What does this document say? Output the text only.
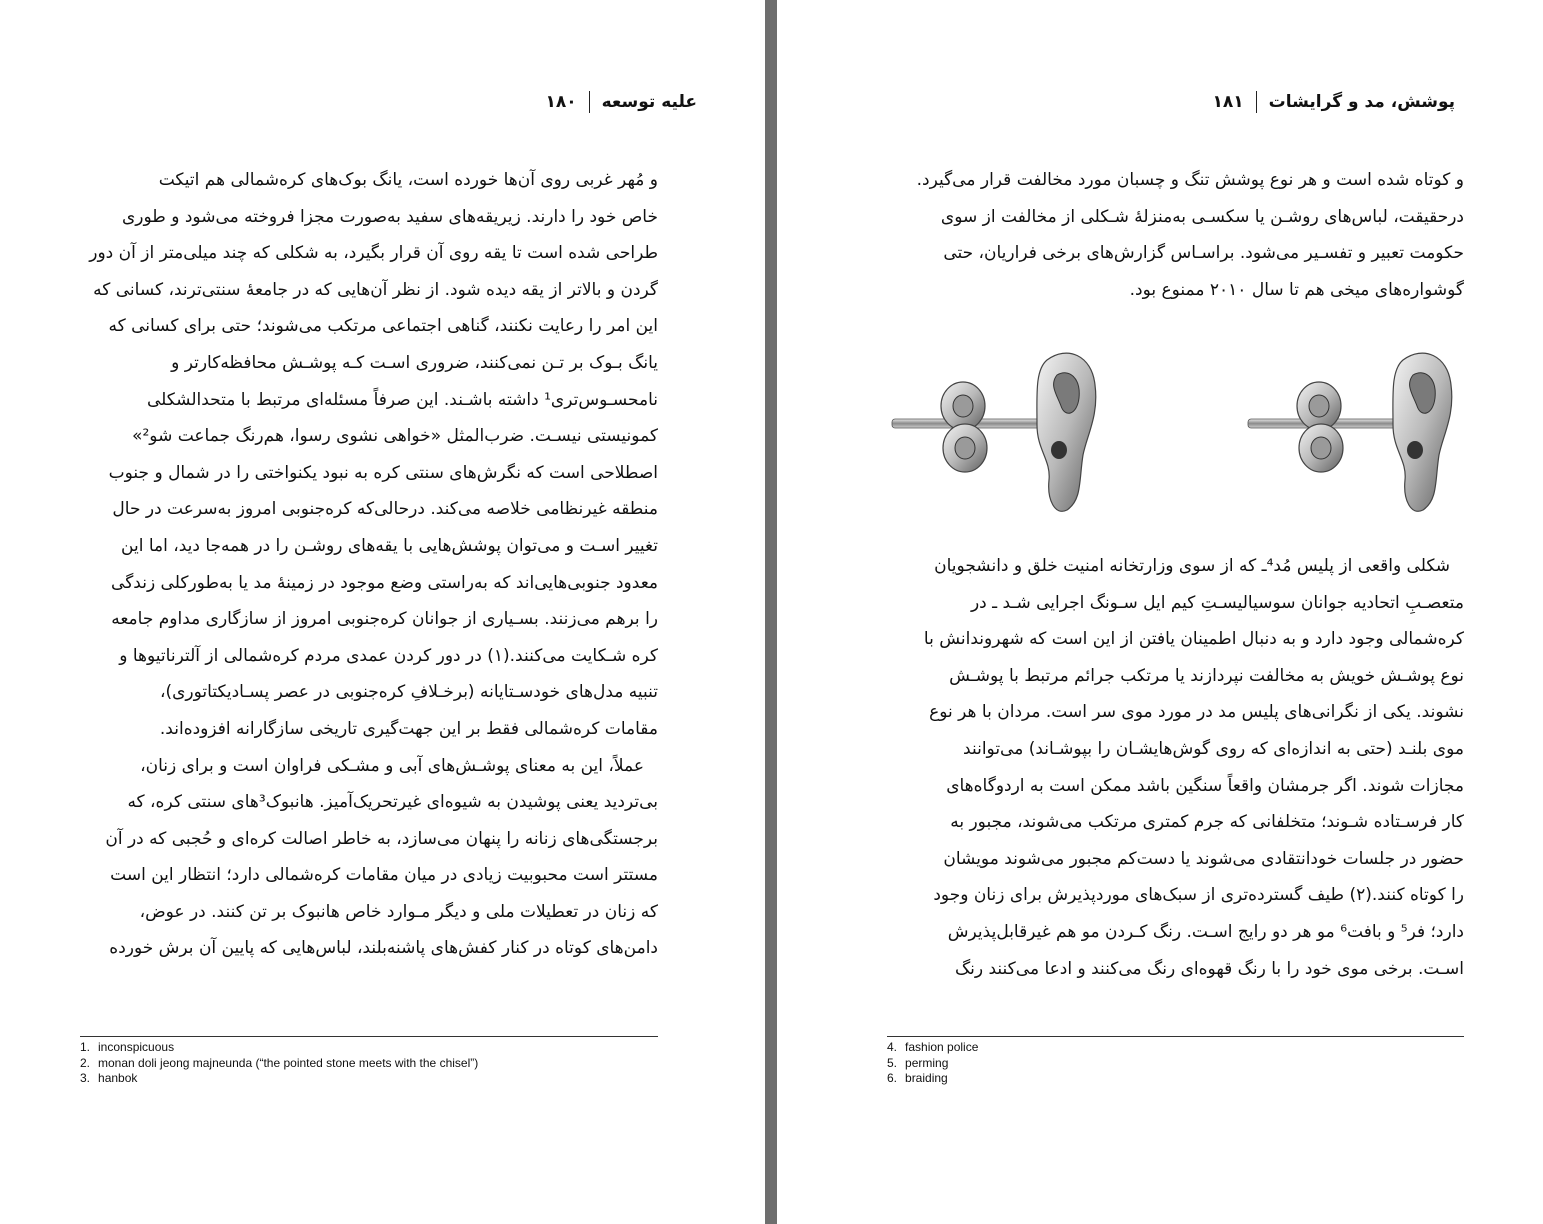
علیه توسعه۱۸۰

و مُهر غربی روی آن‌ها خورده است، یانگ بوک‌های کره‌شمالی هم اتیکت

خاص خود را دارند. زیریقه‌های سفید به‌صورت مجزا فروخته می‌شود و طوری

طراحی شده است تا یقه روی آن قرار بگیرد، به شکلی که چند میلی‌متر از آن دور

گردن و بالاتر از یقه دیده شود. از نظر آن‌هایی که در جامعهٔ سنتی‌ترند، کسانی که

این امر را رعایت نکنند، گناهی اجتماعی مرتکب می‌شوند؛ حتی برای کسانی که

یانگ بـوک بر تـن نمی‌کنند، ضروری اسـت کـه پوشـش محافظه‌کارتر و

نامحسـوس‌تری¹ داشته باشـند. این صرفاً مسئله‌ای مرتبط با متحدالشکلی

کمونیستی نیسـت. ضرب‌المثل «خواهی نشوی رسوا، هم‌رنگ جماعت شو²»

اصطلاحی است که نگرش‌های سنتی کره به نبود یکنواختی را در شمال و جنوب

منطقه غیرنظامی خلاصه می‌کند. درحالی‌که کره‌جنوبی امروز به‌سرعت در حال

تغییر اسـت و می‌توان پوشش‌هایی با یقه‌های روشـن را در همه‌جا دید، اما این

معدود جنوبی‌هایی‌اند که به‌راستی وضع موجود در زمینهٔ مد یا به‌طورکلی زندگی

را برهم می‌زنند. بسـیاری از جوانان کره‌جنوبی امروز از سازگاری مداوم جامعه

کره شـکایت می‌کنند.(۱) در دور کردن عمدی مردم کره‌شمالی از آلترناتیوها و

تنبیه مدل‌های خودسـتایانه (برخـلافِ کره‌جنوبی در عصر پسـادیکتاتوری)،

مقامات کره‌شمالی فقط بر این جهت‌گیری تاریخی سازگارانه افزوده‌اند.

عملاً، این به معنای پوشـش‌های آبی و مشـکی فراوان است و برای زنان،

بی‌تردید یعنی پوشیدن به شیوه‌ای غیرتحریک‌آمیز. هانبوک³های سنتی کره، که

برجستگی‌های زنانه را پنهان می‌سازد، به خاطر اصالت کره‌ای و حُجبی که در آن

مستتر است محبوبیت زیادی در میان مقامات کره‌شمالی دارد؛ انتظار این است

که زنان در تعطیلات ملی و دیگر مـوارد خاص هانبوک بر تن کنند. در عوض،

دامن‌های کوتاه در کنار کفش‌های پاشنه‌بلند، لباس‌هایی که پایین آن برش خورده

1. inconspicuous
2. monan doli jeong majneunda (“the pointed stone meets with the chisel”)
3. hanbok
پوشش، مد و گرایشات۱۸۱

و کوتاه شده است و هر نوع پوشش تنگ و چسبان مورد مخالفت قرار می‌گیرد.

درحقیقت، لباس‌های روشـن یا سکسـی به‌منزلهٔ شـکلی از مخالفت از سوی

حکومت تعبیر و تفسـیر می‌شود. براسـاس گزارش‌های برخی فراریان، حتی

گوشواره‌های میخی هم تا سال ۲۰۱۰ ممنوع بود.

شکلی واقعی از پلیس مُد⁴ـ که از سوی وزارتخانه امنیت خلق و دانشجویان

متعصـبِ اتحادیه جوانان سوسیالیسـتِ کیم ایل سـونگ اجرایی شـد ـ در

کره‌شمالی وجود دارد و به دنبال اطمینان یافتن از این است که شهروندانش با

نوع پوشـش خویش به مخالفت نپردازند یا مرتکب جرائم مرتبط با پوشـش

نشوند. یکی از نگرانی‌های پلیس مد در مورد موی سر است. مردان با هر نوع

موی بلنـد (حتی به اندازه‌ای که روی گوش‌هایشـان را بپوشـاند) می‌توانند

مجازات شوند. اگر جرمشان واقعاً سنگین باشد ممکن است به اردوگاه‌های

کار فرسـتاده شـوند؛ متخلفانی که جرم کمتری مرتکب می‌شوند، مجبور به

حضور در جلسات خودانتقادی می‌شوند یا دست‌کم مجبور می‌شوند مویشان

را کوتاه کنند.(۲) طیف گسترده‌تری از سبک‌های موردپذیرش برای زنان وجود

دارد؛ فر⁵ و بافت⁶ مو هر دو رایج اسـت. رنگ کـردن مو هم غیرقابل‌پذیرش

اسـت. برخی موی خود را با رنگ قهوه‌ای رنگ می‌کنند و ادعا می‌کنند رنگ

4. fashion police
5. perming
6. braiding
